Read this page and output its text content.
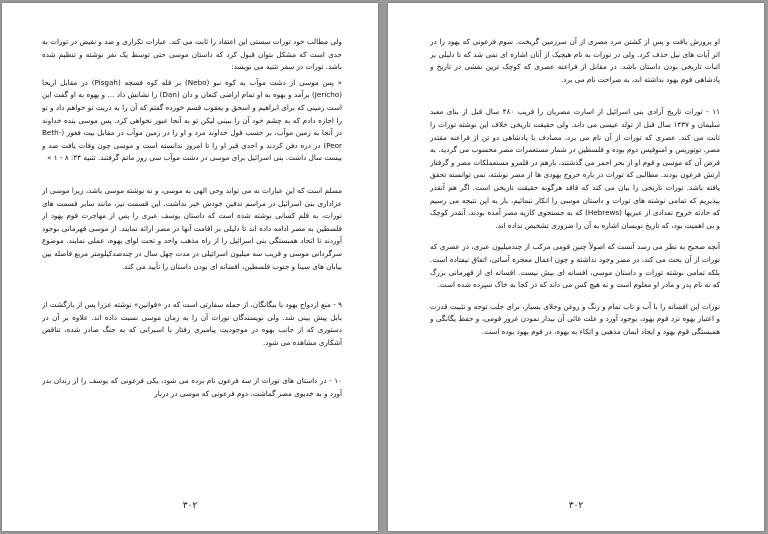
ولی مطالب خود تورات سستی این اعتقاد را ثابت می کند. عبارات تکراری و ضد و نقیض در تورات به حدی است که مشکل بتوان قبول کرد که داستان موسی حتی توسط یک نفر نوشته و تنظیم شده باشد. تورات در سفر تثنیه می نویسد:

« پس موسی از دشت موآب به کوه نبو (Nebo) بر قله کوه فسجه (Pisgah) در مقابل اریحا (Jericho) برآمد و یهوه به او تمام اراضی کنعان و دان (Dan) را نشانش داد ... و یهوه به او گفت این است زمینی که برای ابراهیم و اسحق و یعقوب قسم خورده گفتم که آن را به ذریت تو خواهم داد و تو را اجازه دادم که به چشم خود آن را ببینی لیکن تو به آنجا عبور نخواهی کرد. پس موسی بنده خداوند در آنجا به زمین موآب، بر حسب قول خداوند مرد و او را در زمین موآب در مقابل بیت فغور (Beth-Peor) در دره دفن کردند و احدی قبر او را تا امروز ندانسته است و موسی چون وفات یافت صد و بیست سال داشت. بنی اسرائیل برای موسی در دشت موآب سی روز ماتم گرفتند. تثنیه ۳۴: ۸ - ۱ »

مسلم است که این عبارات نه می تواند وحی الهی به موسی، و نه نوشته موسی باشد، زیرا موسی از عزاداری بنی اسرائیل در مراسم تدفین خودش خبر نداشت. این قسمت نیز، مانند سایر قسمت های تورات، به قلم کسانی نوشته شده است که داستان یوسف عبری را پس از مهاجرت قوم یهود از فلسطین به مصر ادامه داده اند تا دلیلی بر اقامت آنها در مصر ارائه نمایند. از موسی قهرمانی بوجود آوردند تا اتحاد همبستگی بنی اسرائیل را از راه مذهب واحد و تحت لوای یهوه، عملی نمایند. موضوع سرگردانی موسی و قریب سه میلیون اسرائیلی در مدت چهل سال در چندصدکیلومتر مربع فاصله بین بیابان های سینا و جنوب فلسطین، افسانه ای بودن داستان را تأیید می کند.

۹ - منع ازدواج یهود با بیگانگان، از جمله سفارتی است که در «قوانین» نوشته عزرا پس از بازگشت از بابل پیش بینی شد. ولی نویسندگان تورات آن را به زمان موسی نسبت داده اند. علاوه بر آن در دستوری که از جانب یهوه در موجودیت پیامبری رفتار با اسیرانی که به جنگ صادر شده، تناقض آشکاری مشاهده می شود.

۱۰ - در داستان های تورات از سه فرعون نام برده می شود، یکی فرعونی که یوسف را از زندان بدر آورد و به خدیوی مصر گماشت. دوم فرعونی که موسی در دربار

۳۰۲

او پرورش یافت و پس از کشتن مرد مصری از آن سرزمین گریخت. سوم فرعونی که یهود را در اثر آیات های نیل حذف کرد. ولی در تورات به نام هیچیک از آنان اشاره ای نمی شد که تا دلیلی بر اثبات تاریخی بودن داستان باشد. در مقابل از فراعنه عصری که کوچک ترین نقشی در تاریخ و پادشاهی قوم یهود نداشته اند، به صراحت نام می برد.

۱۱ - تورات تاریخ آزادی بنی اسرائیل از اسارت مصریان را قریب ۴۸۰ سال قبل از بنای معبد سلیمان و ۱۴۳۷ سال قبل از تولد عیسی می داند. ولی حقیقت تاریخی خلاف این نوشته تورات را ثابت می کند. عصری که تورات از آن نام می برد، مصادف با پادشاهی دو تن از فراعنه مقتدر مصر، توتوریس و امنوفیس دوم بوده و فلسطین در شمار مستعمرات مصر محسوب می گردید. به فرض آن که موسی و قوم او از بحر احمر می گذشتند، بازهم در قلمرو مستعملکات مصر و گرفتار ارتش فرعون بودند. مطالبی که تورات در باره خروج یهودی ها از مصر نوشته، نمی توانسته تحقق یافته باشد. تورات تاریخی را بیان می کند که فاقد هرگونه حقیقت تاریخی است. اگر هم آنقدر بپذیریم که تمامی نوشته های تورات و داستان موسی را انکار ننمائیم، باز به این نتیجه می رسیم که حادثه خروج تعدادی از عبریها (Hebrews) که به جستجوی کاریه مصر آمده بودند، آنقدر کوچک و بی اهمیت بود، که تاریخ نویسان اشاره به آن را ضروری تشخیص نداده اند.

آنچه صحیح به نظر می رسد آنست که اصولاً چنین قومی مرکب از چندمیلیون عبری، در عصری که تورات از آن بحث می کند، در مصر وجود نداشته و چون اعمال معجزه آسائی، اتفاق نیفتاده است. بلکه تمامی نوشته تورات و داستان موسی، افسانه ای بیش نیست. افسانه ای از قهرمانی بزرگ که نه نام پدر و مادر او معلوم است و نه هیچ کس می داند که در کجا به خاک سپرده شده است.

تورات این افسانه را با آب و تاب تمام و رنگ و روغن وجلای بسیار، برای جلب توجه و تثبیت قدرت و اعتبار یهوه نزد قوم یهود، بوجود آورد و علت غائی آن بیدار نمودن غرور قومی، و حفظ یگانگی و همبستگی قوم یهود و ایجاد ایمان مذهبی و اتکاء به یهوه، در قوم یهود بوده است.

۳۰۲
